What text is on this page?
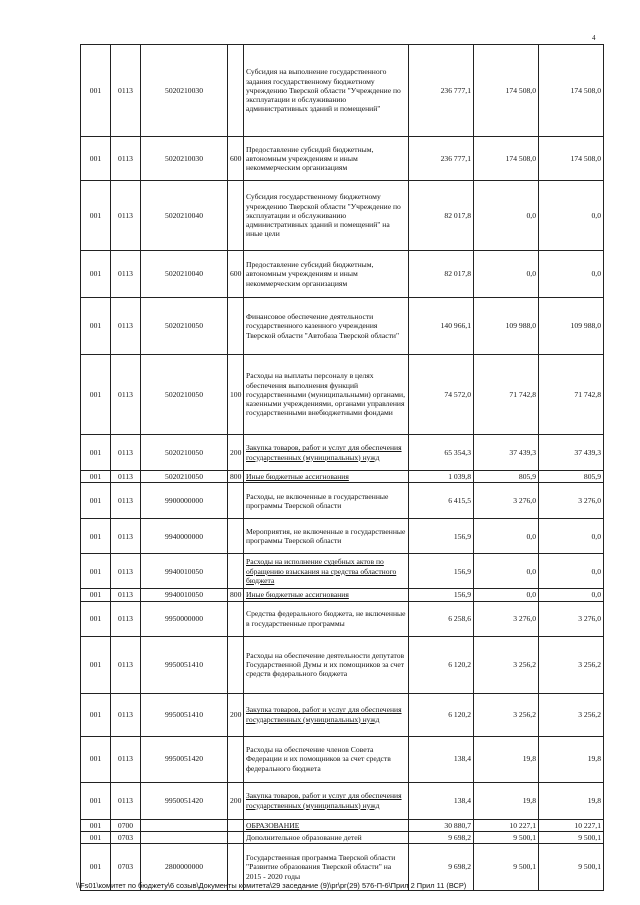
4
001	0113	5020210030		Субсидия на выполнение государственного задания государственному бюджетному учреждению Тверской области "Учреждение по эксплуатации и обслуживанию административных зданий и помещений"	236 777,1	174 508,0	174 508,0
001	0113	5020210030	600	Предоставление субсидий бюджетным, автономным учреждениям и иным некоммерческим организациям	236 777,1	174 508,0	174 508,0
001	0113	5020210040		Субсидия государственному бюджетному учреждению Тверской области "Учреждение по эксплуатации и обслуживанию административных зданий и помещений" на иные цели	82 017,8	0,0	0,0
001	0113	5020210040	600	Предоставление субсидий бюджетным, автономным учреждениям и иным некоммерческим организациям	82 017,8	0,0	0,0
001	0113	5020210050		Финансовое обеспечение деятельности государственного казенного учреждения Тверской области "Автобаза Тверской области"	140 966,1	109 988,0	109 988,0
001	0113	5020210050	100	Расходы на выплаты персоналу в целях обеспечения выполнения функций государственными (муниципальными) органами, казенными учреждениями, органами управления государственными внебюджетными фондами	74 572,0	71 742,8	71 742,8
001	0113	5020210050	200	Закупка товаров, работ и услуг для обеспечения государственных (муниципальных) нужд	65 354,3	37 439,3	37 439,3
001	0113	5020210050	800	Иные бюджетные ассигнования	1 039,8	805,9	805,9
001	0113	9900000000		Расходы, не включенные в государственные программы Тверской области	6 415,5	3 276,0	3 276,0
001	0113	9940000000		Мероприятия, не включенные в государственные программы Тверской области	156,9	0,0	0,0
001	0113	9940010050		Расходы на исполнение судебных актов по обращению взыскания на средства областного бюджета	156,9	0,0	0,0
001	0113	9940010050	800	Иные бюджетные ассигнования	156,9	0,0	0,0
001	0113	9950000000		Средства федерального бюджета, не включенные в государственные программы	6 258,6	3 276,0	3 276,0
001	0113	9950051410		Расходы на обеспечение деятельности депутатов Государственной Думы и их помощников за счет средств федерального бюджета	6 120,2	3 256,2	3 256,2
001	0113	9950051410	200	Закупка товаров, работ и услуг для обеспечения государственных (муниципальных) нужд	6 120,2	3 256,2	3 256,2
001	0113	9950051420		Расходы на обеспечение членов Совета Федерации и их помощников за счет средств федерального бюджета	138,4	19,8	19,8
001	0113	9950051420	200	Закупка товаров, работ и услуг для обеспечения государственных (муниципальных) нужд	138,4	19,8	19,8
001	0700			ОБРАЗОВАНИЕ	30 880,7	10 227,1	10 227,1
001	0703			Дополнительное образование детей	9 698,2	9 500,1	9 500,1
001	0703	2800000000		Государственная программа Тверской области "Развитие образования Тверской области" на 2015 - 2020 годы	9 698,2	9 500,1	9 500,1
\\Fs01\комитет по бюджету\6 созыв\Документы комитета\29 заседание (9)\pr\рг(29) 576-П-6\Прил 2 Прил 11 (ВСР)
